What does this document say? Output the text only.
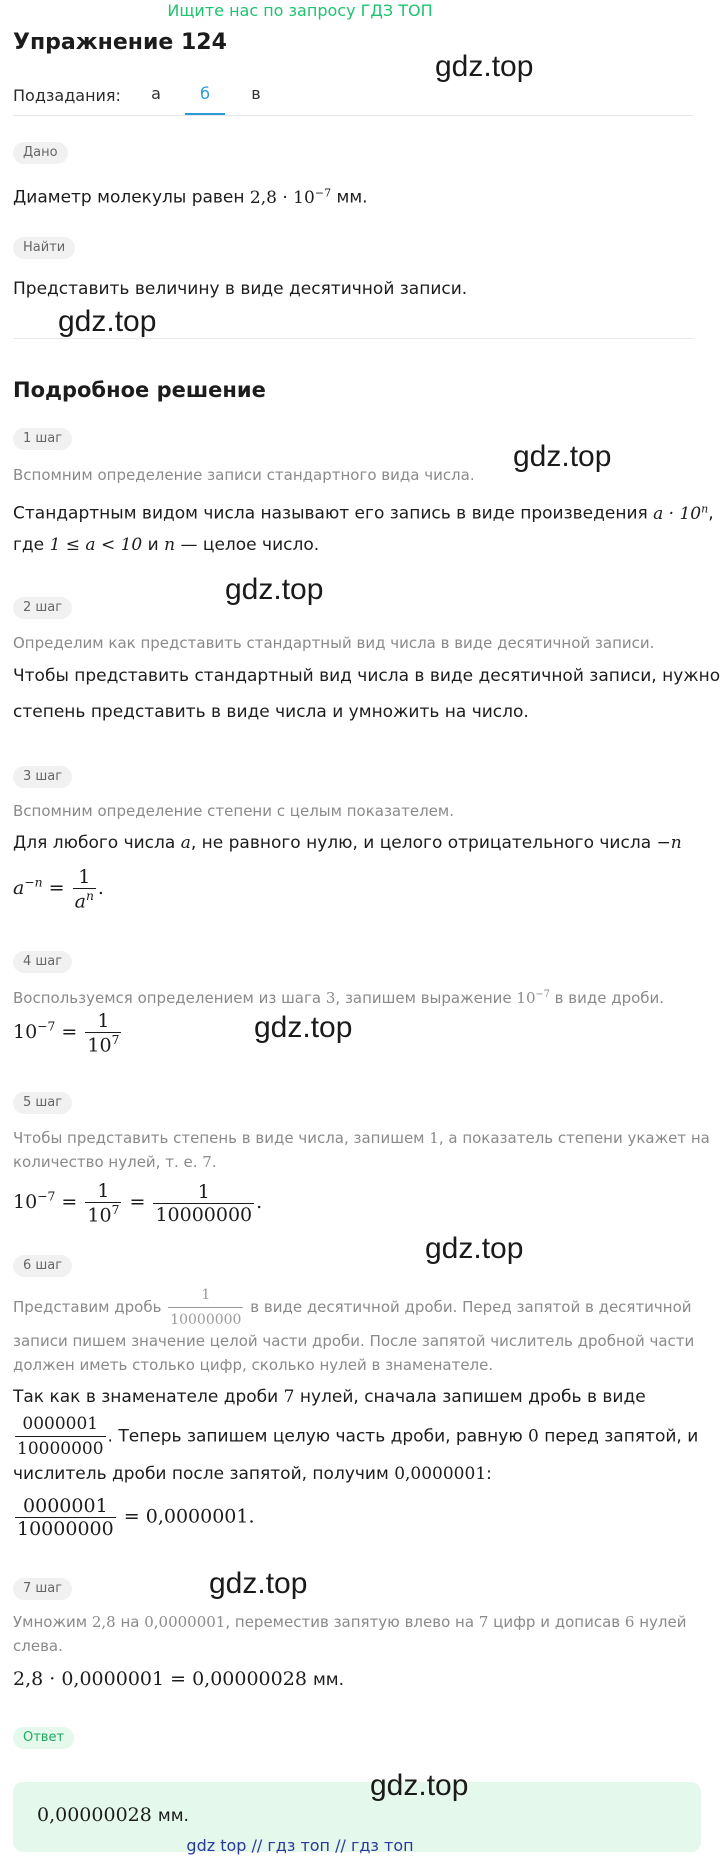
Ищите нас по запросу ГДЗ ТОП
Упражнение 124
Подзадания:	а	б	в
Дано
Диаметр молекулы равен $2,8 \cdot 10^{-7}$ мм.
Найти
Представить величину в виде десятичной записи.
Подробное решение
1 шаг
Вспомним определение записи стандартного вида числа.
Стандартным видом числа называют его запись в виде произведения $a \cdot 10^n$,
где 1 ≤ a < 10 и n — целое число.
2 шаг
Определим как представить стандартный вид числа в виде десятичной записи.
Чтобы представить стандартный вид числа в виде десятичной записи, нужно
степень представить в виде числа и умножить на число.
3 шаг
Вспомним определение степени с целым показателем.
Для любого числа a, не равного нулю, и целого отрицательного числа −n
$a^{-n} = \frac{1}{a^n}$ .
4 шаг
Воспользуемся определением из шага 3, запишем выражение $10^{-7}$ в виде дроби.
$10^{-7} = \frac{1}{10^7}$
5 шаг
Чтобы представить степень в виде числа, запишем 1, а показатель степени укажет на
количество нулей, т. е. 7.
$10^{-7} = \frac{1}{10^7} = \frac{1}{10000000}$ .
6 шаг
Представим дробь $\frac{1}{10000000}$ в виде десятичной дроби. Перед запятой в десятичной
записи пишем значение целой части дроби. После запятой числитель дробной части
должен иметь столько цифр, сколько нулей в знаменателе.
Так как в знаменателе дроби 7 нулей, сначала запишем дробь в виде
$\frac{0000001}{10000000}$ . Теперь запишем целую часть дроби, равную 0 перед запятой, и
числитель дроби после запятой, получим 0,0000001:
$\frac{0000001}{10000000} = 0,0000001$.
7 шаг
Умножим 2,8 на 0,0000001, переместив запятую влево на 7 цифр и дописав 6 нулей
слева.
2,8 · 0,0000001 = 0,00000028 мм.
Ответ
0,00000028 мм.
gdz.top
gdz.top
gdz.top
gdz.top
gdz.top
gdz.top
gdz.top
gdz.top
gdz top // гдз топ // гдз топ
